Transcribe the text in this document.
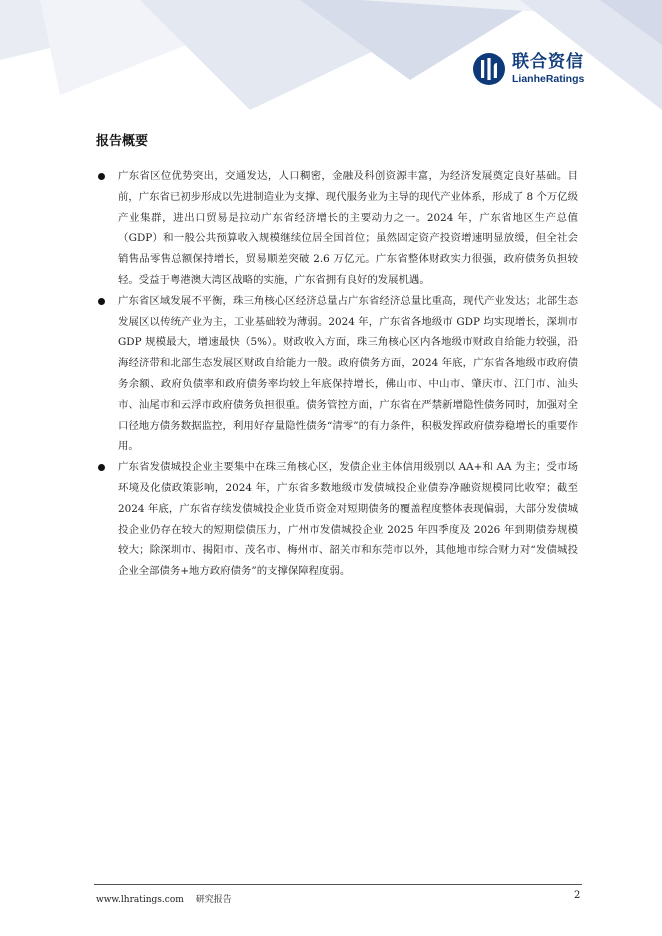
联合资信
LianheRatings
报告概要
广东省区位优势突出，交通发达，人口稠密，金融及科创资源丰富，为经济发展奠定良好基础。目前，广东省已初步形成以先进制造业为支撑、现代服务业为主导的现代产业体系，形成了 8 个万亿级产业集群，进出口贸易是拉动广东省经济增长的主要动力之一。2024 年，广东省地区生产总值（GDP）和一般公共预算收入规模继续位居全国首位；虽然固定资产投资增速明显放缓，但全社会销售品零售总额保持增长，贸易顺差突破 2.6 万亿元。广东省整体财政实力很强，政府债务负担较轻。受益于粤港澳大湾区战略的实施，广东省拥有良好的发展机遇。
广东省区域发展不平衡，珠三角核心区经济总量占广东省经济总量比重高，现代产业发达；北部生态发展区以传统产业为主，工业基础较为薄弱。2024 年，广东省各地级市 GDP 均实现增长，深圳市 GDP 规模最大，增速最快（5%）。财政收入方面，珠三角核心区内各地级市财政自给能力较强，沿海经济带和北部生态发展区财政自给能力一般。政府债务方面，2024 年底，广东省各地级市政府债务余额、政府负债率和政府债务率均较上年底保持增长，佛山市、中山市、肇庆市、江门市、汕头市、汕尾市和云浮市政府债务负担很重。债务管控方面，广东省在严禁新增隐性债务同时，加强对全口径地方债务数据监控，利用好存量隐性债务“清零”的有力条件，积极发挥政府债券稳增长的重要作用。
广东省发债城投企业主要集中在珠三角核心区，发债企业主体信用级别以 AA+和 AA 为主；受市场环境及化债政策影响，2024 年，广东省多数地级市发债城投企业债券净融资规模同比收窄；截至 2024 年底，广东省存续发债城投企业货币资金对短期债务的覆盖程度整体表现偏弱，大部分发债城投企业仍存在较大的短期偿债压力，广州市发债城投企业 2025 年四季度及 2026 年到期债券规模较大；除深圳市、揭阳市、茂名市、梅州市、韶关市和东莞市以外，其他地市综合财力对“发债城投企业全部债务+地方政府债务”的支撑保障程度弱。
www.lhratings.com 研究报告	2
